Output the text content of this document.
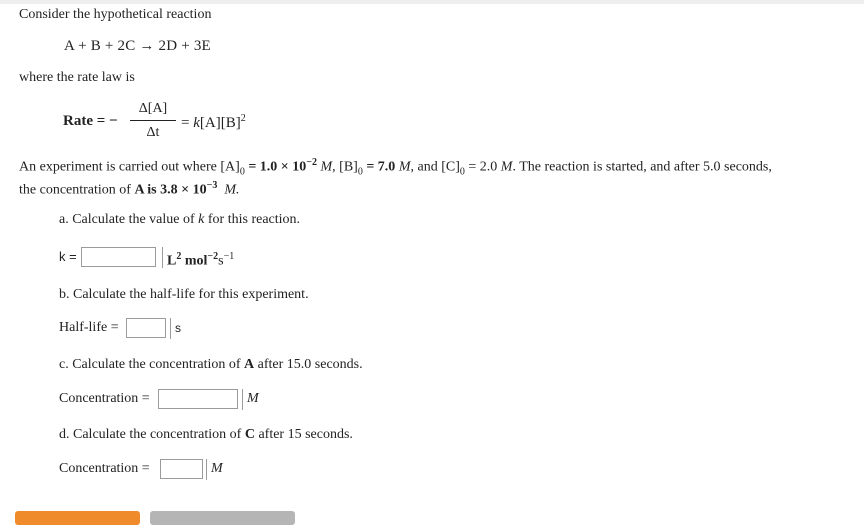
Consider the hypothetical reaction
A + B + 2C → 2D + 3E
where the rate law is
Rate = −
Δ[A]
Δt
= $k[A][B]^2$
An experiment is carried out where $[A]_0 = 1.0 \times 10^{-2}$ M, $[B]_0 = 7.0$ M, and $[C]_0 = 2.0$ M. The reaction is started, and after 5.0 seconds,
the concentration of A is $3.8 \times 10^{-3}$ M.
a. Calculate the value of k for this reaction.
k =	$L^2$ $mol^{-2}s^{-1}$
b. Calculate the half-life for this experiment.
Half-life =	s
c. Calculate the concentration of A after 15.0 seconds.
Concentration =	M
d. Calculate the concentration of C after 15 seconds.
Concentration =	M
